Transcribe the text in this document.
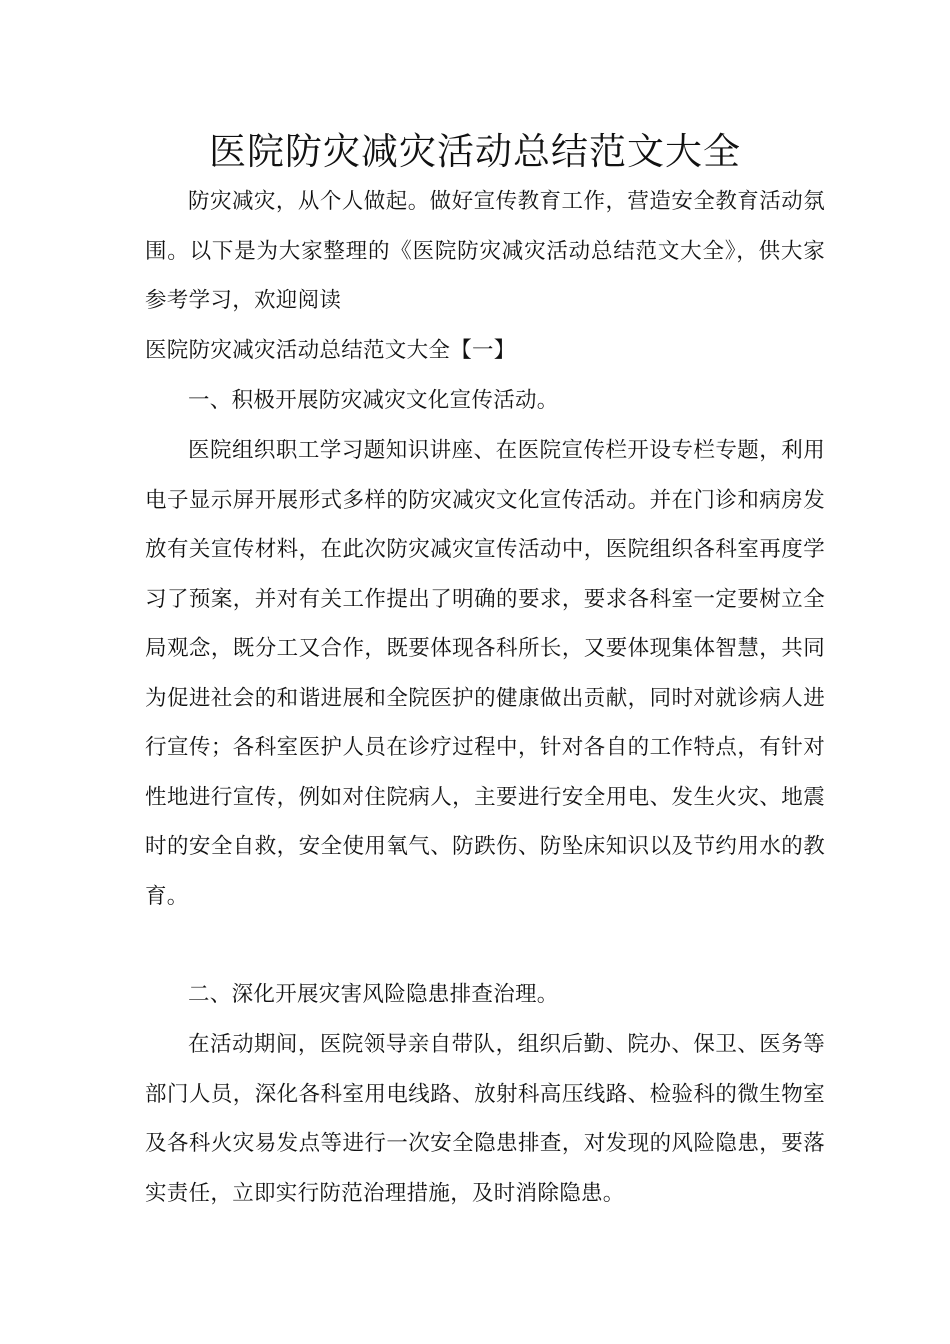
医院防灾减灾活动总结范文大全

防灾减灾，从个人做起。做好宣传教育工作，营造安全教育活动氛围。以下是为大家整理的《医院防灾减灾活动总结范文大全》，供大家参考学习，欢迎阅读

医院防灾减灾活动总结范文大全【一】

一、积极开展防灾减灾文化宣传活动。

医院组织职工学习题知识讲座、在医院宣传栏开设专栏专题，利用电子显示屏开展形式多样的防灾减灾文化宣传活动。并在门诊和病房发放有关宣传材料，在此次防灾减灾宣传活动中，医院组织各科室再度学习了预案，并对有关工作提出了明确的要求，要求各科室一定要树立全局观念，既分工又合作，既要体现各科所长，又要体现集体智慧，共同为促进社会的和谐进展和全院医护的健康做出贡献，同时对就诊病人进行宣传；各科室医护人员在诊疗过程中，针对各自的工作特点，有针对性地进行宣传，例如对住院病人，主要进行安全用电、发生火灾、地震时的安全自救，安全使用氧气、防跌伤、防坠床知识以及节约用水的教育。

二、深化开展灾害风险隐患排查治理。

在活动期间，医院领导亲自带队，组织后勤、院办、保卫、医务等部门人员，深化各科室用电线路、放射科高压线路、检验科的微生物室及各科火灾易发点等进行一次安全隐患排查，对发现的风险隐患，要落实责任，立即实行防范治理措施，及时消除隐患。
